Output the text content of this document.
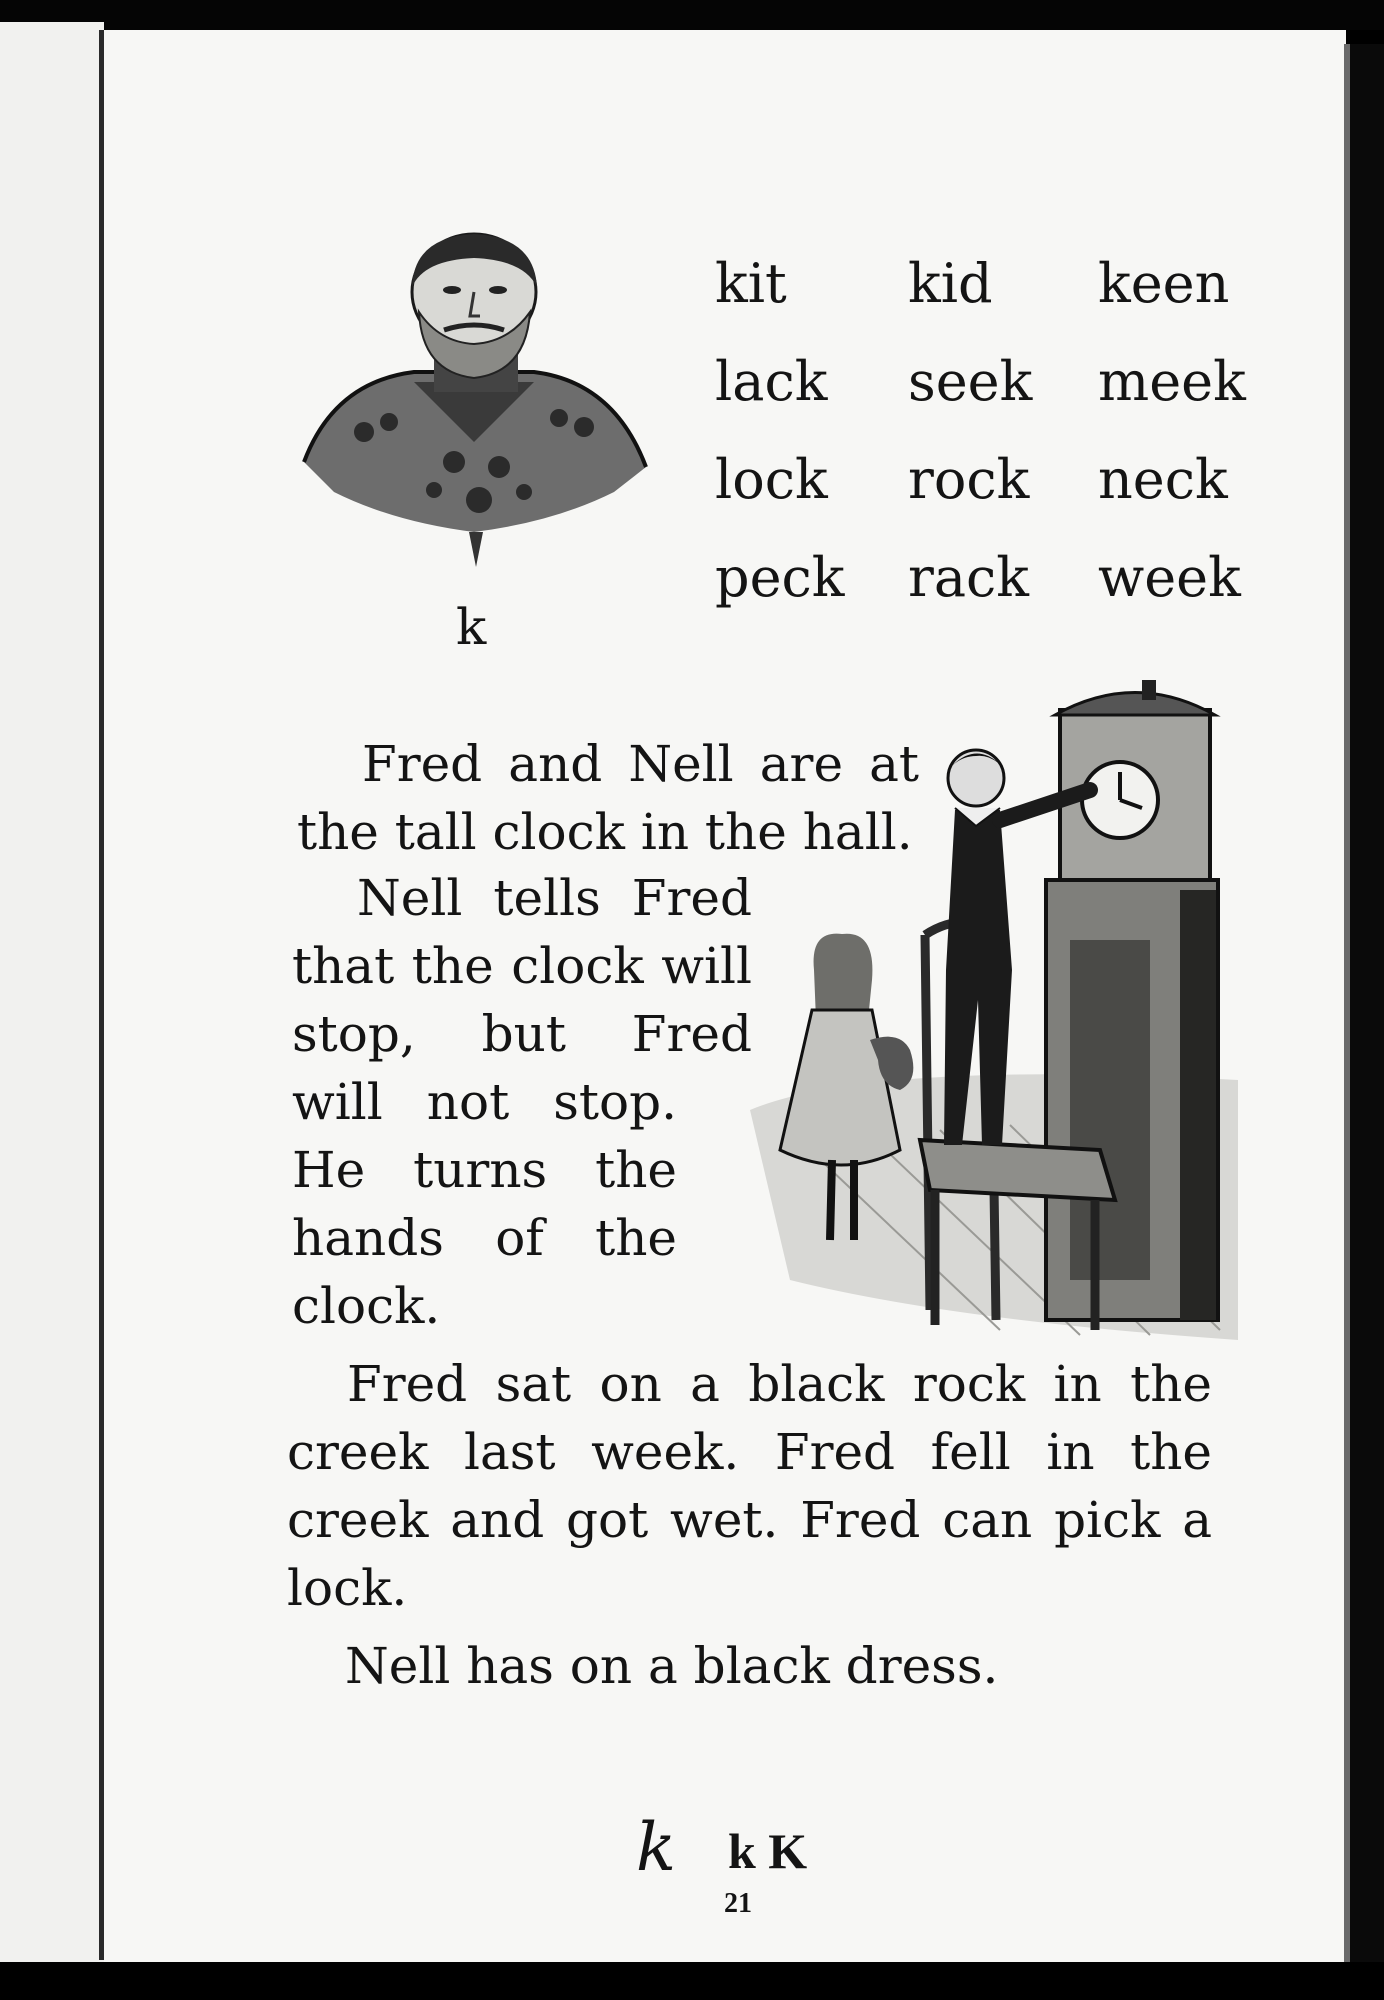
k
kit kid keen
lack seek meek
lock rock neck
peck rack week
Fred and Nell are at the tall clock in the hall.
Nell tells Fred
that the clock will
stop, but Fred
will not stop.
He turns the
hands of the
clock.
Fred sat on a black rock in the creek last week. Fred fell in the creek and got wet. Fred can pick a lock.
Nell has on a black dress.
k k K
21
